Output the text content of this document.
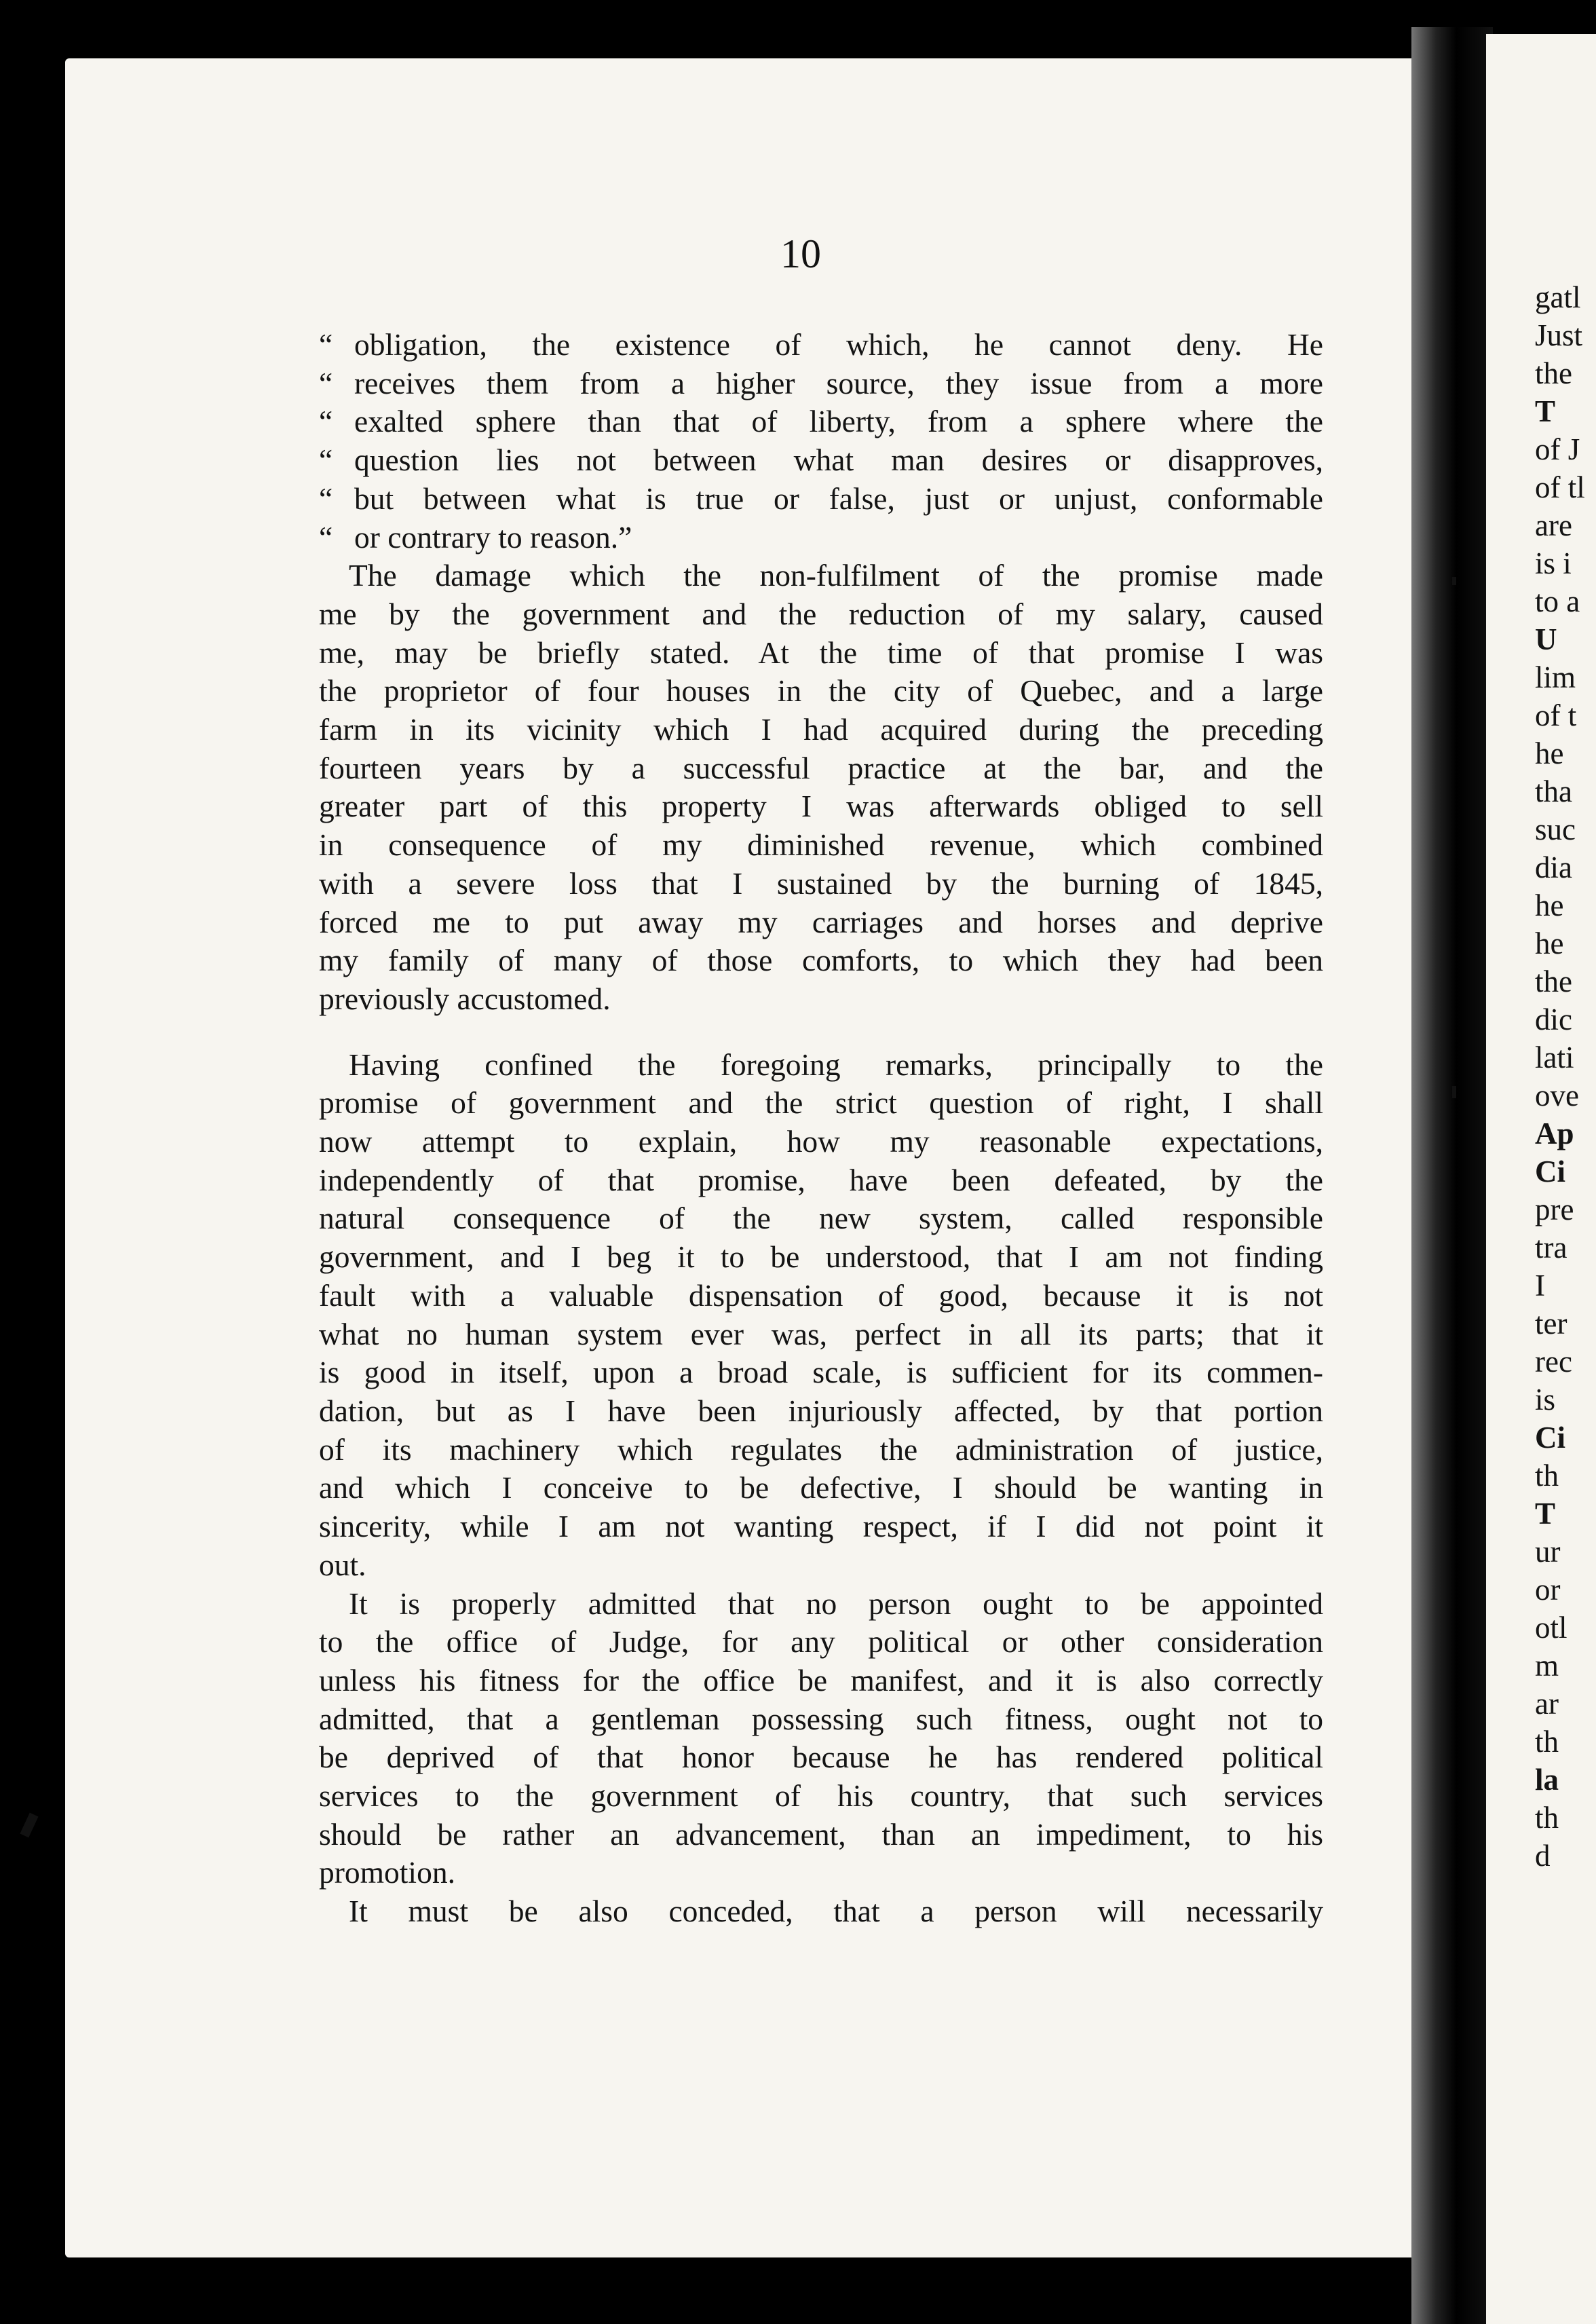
10
“ obligation, the existence of which, he cannot deny. He
“ receives them from a higher source, they issue from a more
“ exalted sphere than that of liberty, from a sphere where the
“ question lies not between what man desires or disapproves,
“ but between what is true or false, just or unjust, conformable
“ or contrary to reason.”
The damage which the non-fulfilment of the promise made
me by the government and the reduction of my salary, caused
me, may be briefly stated. At the time of that promise I was
the proprietor of four houses in the city of Quebec, and a large
farm in its vicinity which I had acquired during the preceding
fourteen years by a successful practice at the bar, and the
greater part of this property I was afterwards obliged to sell
in consequence of my diminished revenue, which combined
with a severe loss that I sustained by the burning of 1845,
forced me to put away my carriages and horses and deprive
my family of many of those comforts, to which they had been
previously accustomed.
Having confined the foregoing remarks, principally to the
promise of government and the strict question of right, I shall
now attempt to explain, how my reasonable expectations,
independently of that promise, have been defeated, by the
natural consequence of the new system, called responsible
government, and I beg it to be understood, that I am not finding
fault with a valuable dispensation of good, because it is not
what no human system ever was, perfect in all its parts; that it
is good in itself, upon a broad scale, is sufficient for its commen-
dation, but as I have been injuriously affected, by that portion
of its machinery which regulates the administration of justice,
and which I conceive to be defective, I should be wanting in
sincerity, while I am not wanting respect, if I did not point it
out.
It is properly admitted that no person ought to be appointed
to the office of Judge, for any political or other consideration
unless his fitness for the office be manifest, and it is also correctly
admitted, that a gentleman possessing such fitness, ought not to
be deprived of that honor because he has rendered political
services to the government of his country, that such services
should be rather an advancement, than an impediment, to his
promotion.
It must be also conceded, that a person will necessarily
gatl
Just
the
T
of J
of tl
are
is i
to a
U
lim
of t
he
tha
suc
dia
he
he
the
dic
lati
ove
Ap
Ci
pre
tra
I
ter
rec
is
Ci
th
T
ur
or
otl
m
ar
th
la
th
d
